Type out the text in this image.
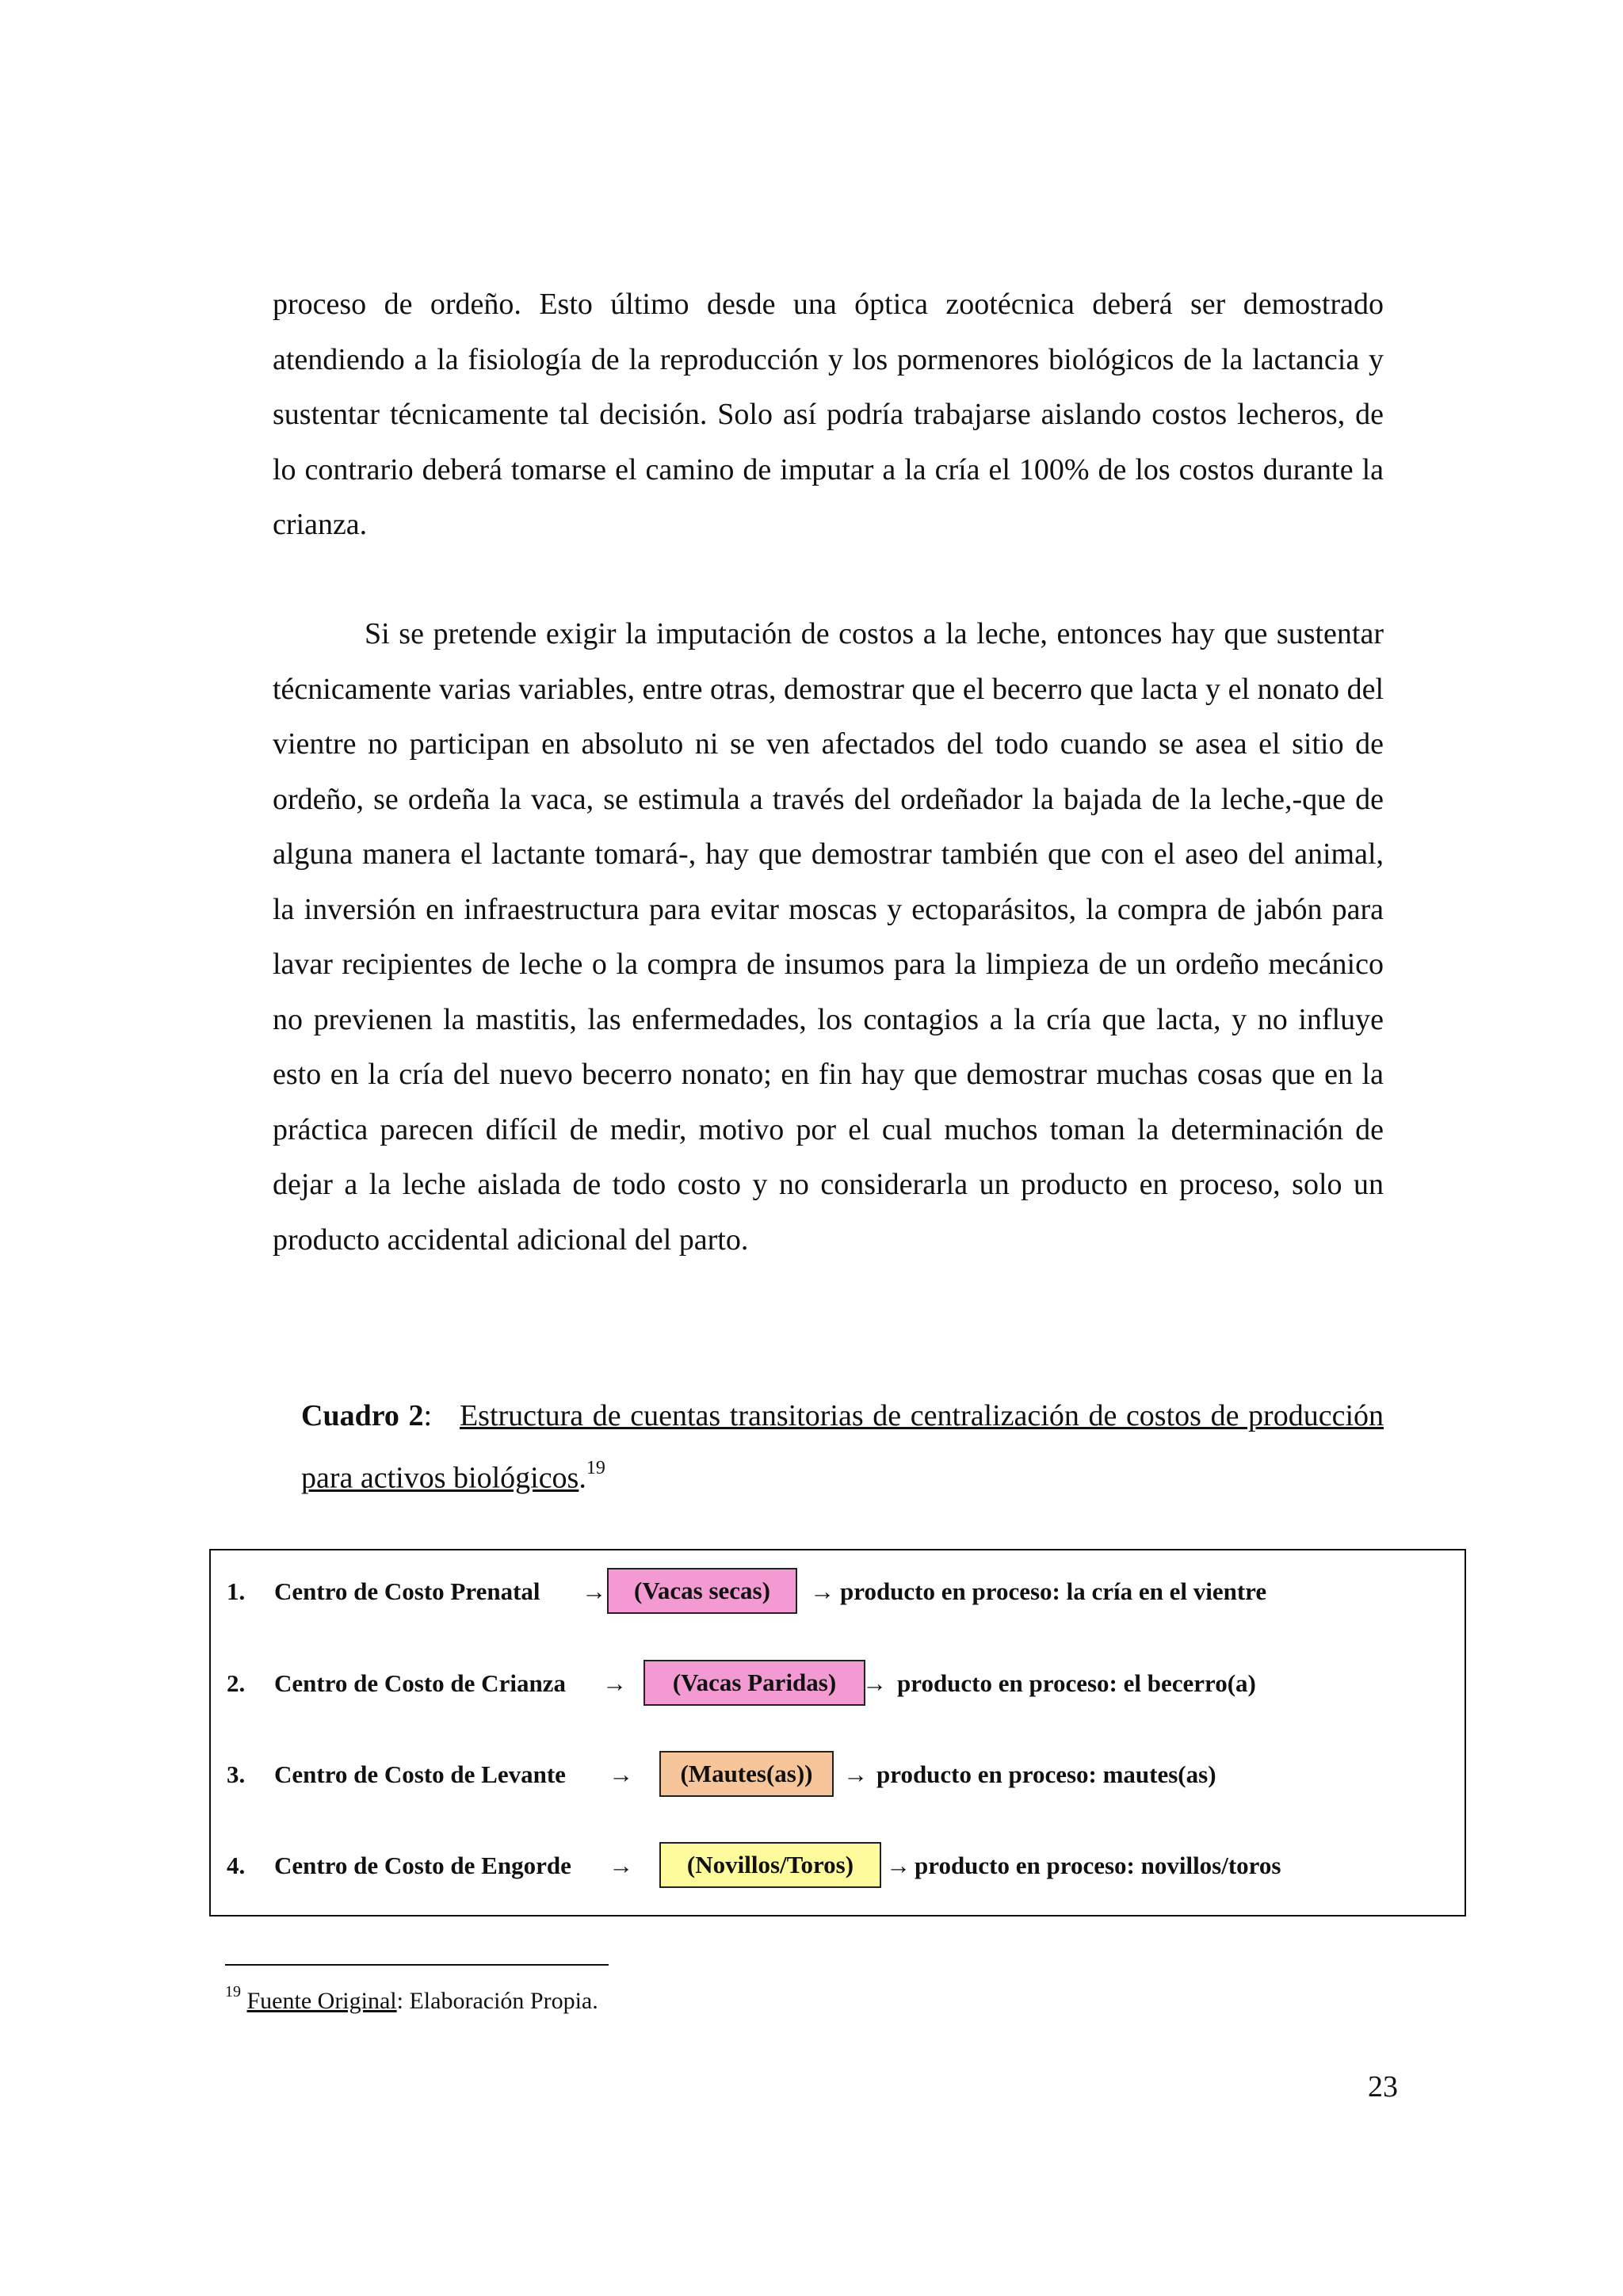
proceso de ordeño. Esto último desde una óptica zootécnica deberá ser demostrado atendiendo a la fisiología de la reproducción y los pormenores biológicos de la lactancia y sustentar técnicamente tal decisión. Solo así podría trabajarse aislando costos lecheros, de lo contrario deberá tomarse el camino de imputar a la cría el 100% de los costos durante la crianza.

Si se pretende exigir la imputación de costos a la leche, entonces hay que sustentar técnicamente varias variables, entre otras, demostrar que el becerro que lacta y el nonato del vientre no participan en absoluto ni se ven afectados del todo cuando se asea el sitio de ordeño, se ordeña la vaca, se estimula a través del ordeñador la bajada de la leche,-que de alguna manera el lactante tomará-, hay que demostrar también que con el aseo del animal, la inversión en infraestructura para evitar moscas y ectoparásitos, la compra de jabón para lavar recipientes de leche o la compra de insumos para la limpieza de un ordeño mecánico no previenen la mastitis, las enfermedades, los contagios a la cría que lacta, y no influye esto en la cría del nuevo becerro nonato; en fin hay que demostrar muchas cosas que en la práctica parecen difícil de medir, motivo por el cual muchos toman la determinación de dejar a la leche aislada de todo costo y no considerarla un producto en proceso, solo un producto accidental adicional del parto.

Cuadro 2: Estructura de cuentas transitorias de centralización de costos de producción para activos biológicos.$^{19}$

1. Centro de Costo Prenatal →	(Vacas secas)	→ producto en proceso: la cría en el vientre
2. Centro de Costo de Crianza →	(Vacas Paridas)	→ producto en proceso: el becerro(a)
3. Centro de Costo de Levante →	(Mautes(as))	→ producto en proceso: mautes(as)
4. Centro de Costo de Engorde →	(Novillos/Toros)	→ producto en proceso: novillos/toros
$^{19}$ Fuente Original: Elaboración Propia.
23
